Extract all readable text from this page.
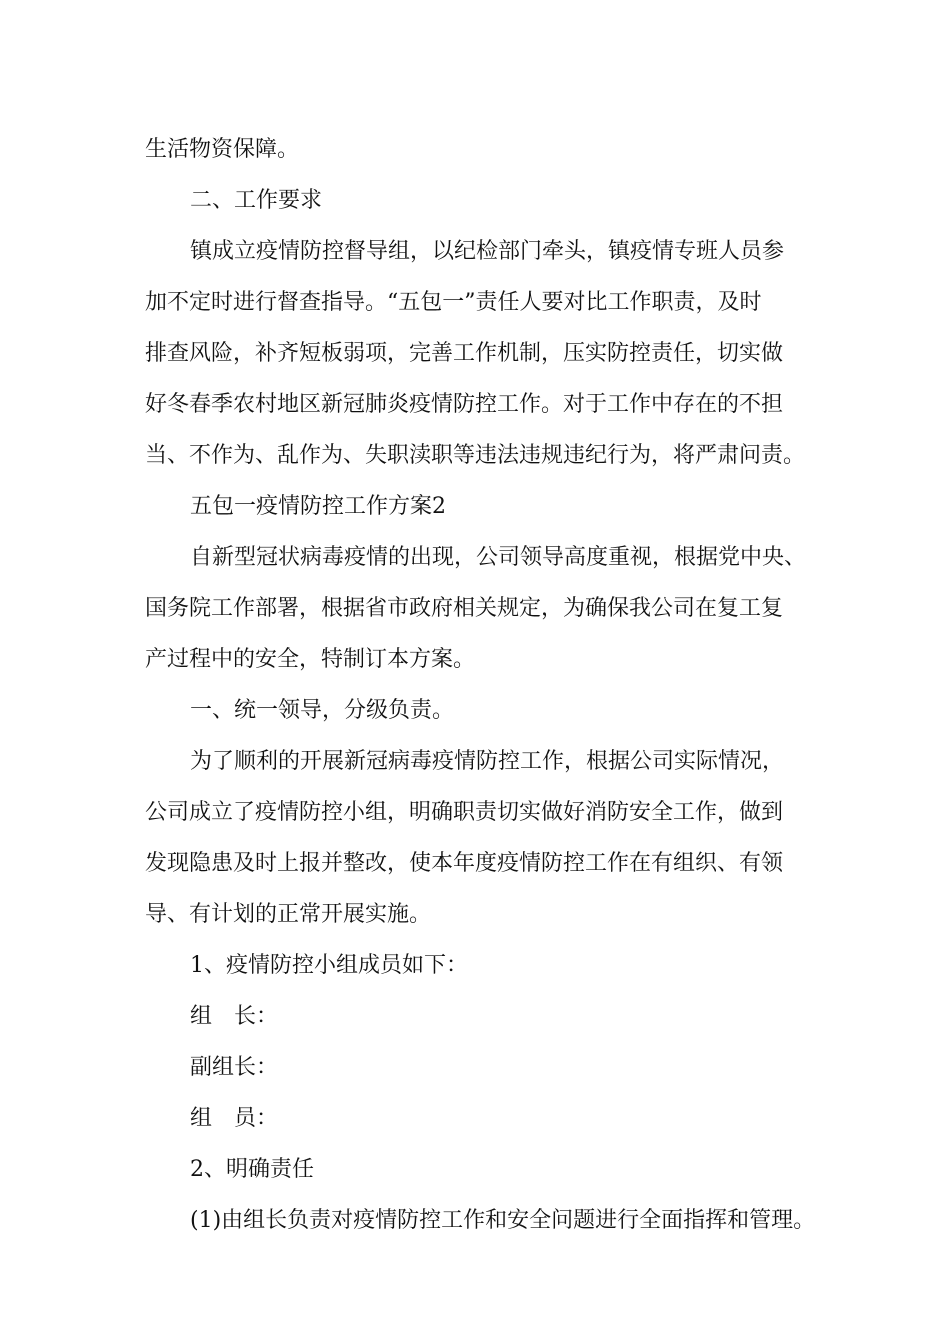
生活物资保障。
二、工作要求
镇成立疫情防控督导组，以纪检部门牵头，镇疫情专班人员参
加不定时进行督查指导。“五包一”责任人要对比工作职责，及时
排查风险，补齐短板弱项，完善工作机制，压实防控责任，切实做
好冬春季农村地区新冠肺炎疫情防控工作。对于工作中存在的不担
当、不作为、乱作为、失职渎职等违法违规违纪行为，将严肃问责。
五包一疫情防控工作方案2
自新型冠状病毒疫情的出现，公司领导高度重视，根据党中央、
国务院工作部署，根据省市政府相关规定，为确保我公司在复工复
产过程中的安全，特制订本方案。
一、统一领导，分级负责。
为了顺利的开展新冠病毒疫情防控工作，根据公司实际情况，
公司成立了疫情防控小组，明确职责切实做好消防安全工作，做到
发现隐患及时上报并整改，使本年度疫情防控工作在有组织、有领
导、有计划的正常开展实施。
1、疫情防控小组成员如下：
组　长：
副组长：
组　员：
2、明确责任
(1)由组长负责对疫情防控工作和安全问题进行全面指挥和管理。
